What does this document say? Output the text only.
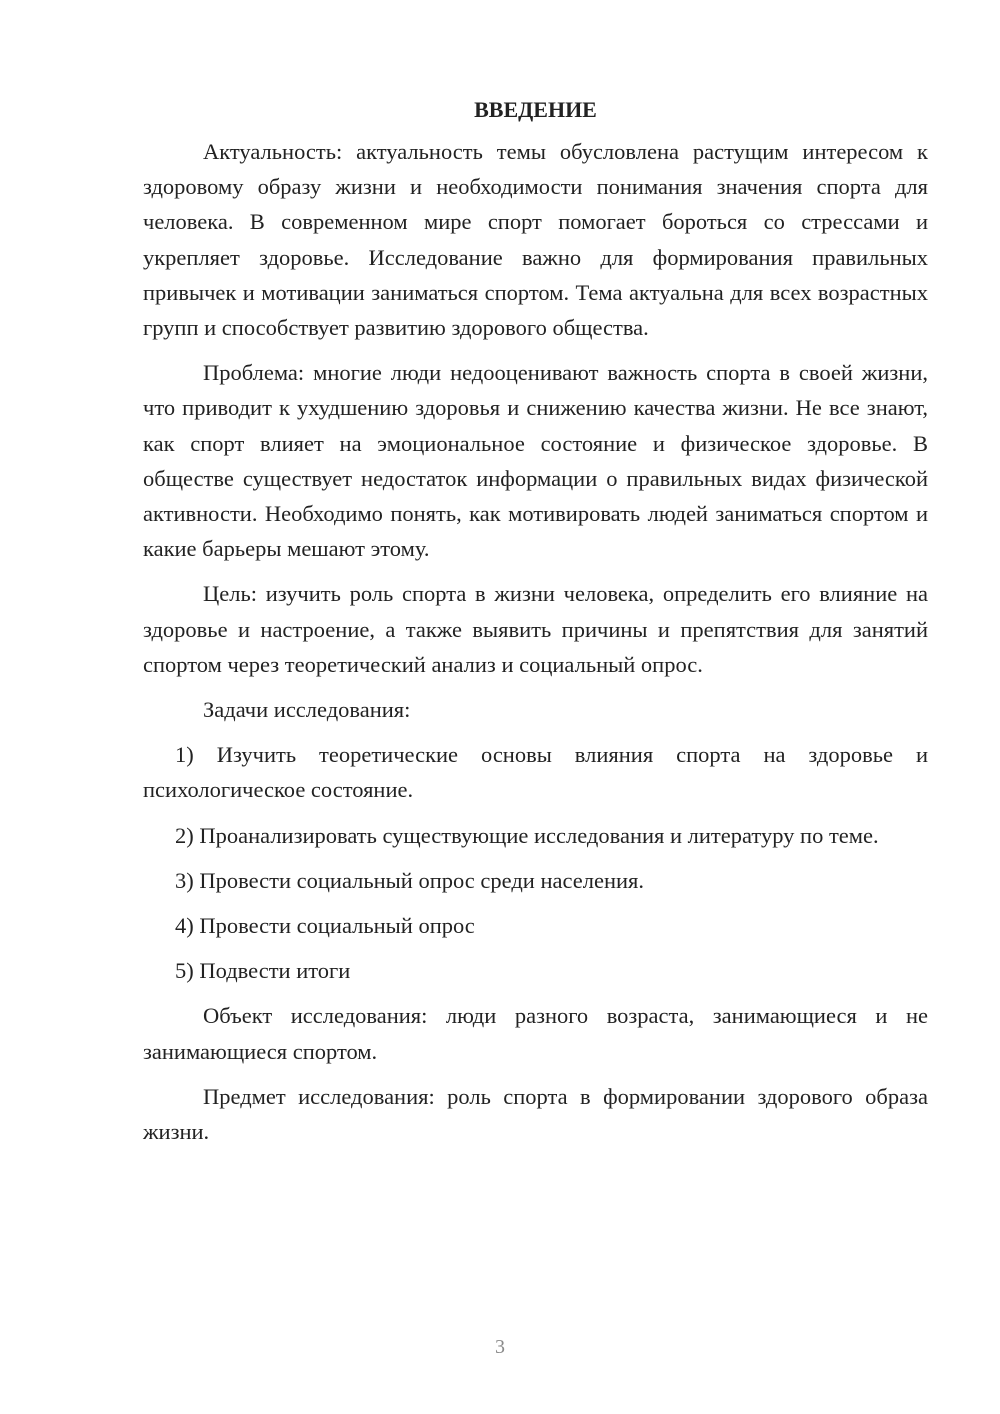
ВВЕДЕНИЕ

Актуальность: актуальность темы обусловлена растущим интересом к здоровому образу жизни и необходимости понимания значения спорта для человека. В современном мире спорт помогает бороться со стрессами и укрепляет здоровье. Исследование важно для формирования правильных привычек и мотивации заниматься спортом. Тема актуальна для всех возрастных групп и способствует развитию здорового общества.

Проблема: многие люди недооценивают важность спорта в своей жизни, что приводит к ухудшению здоровья и снижению качества жизни. Не все знают, как спорт влияет на эмоциональное состояние и физическое здоровье. В обществе существует недостаток информации о правильных видах физической активности. Необходимо понять, как мотивировать людей заниматься спортом и какие барьеры мешают этому.

Цель: изучить роль спорта в жизни человека, определить его влияние на здоровье и настроение, а также выявить причины и препятствия для занятий спортом через теоретический анализ и социальный опрос.

Задачи исследования:

1) Изучить теоретические основы влияния спорта на здоровье и психологическое состояние.

2) Проанализировать существующие исследования и литературу по теме.

3) Провести социальный опрос среди населения.

4) Провести социальный опрос

5) Подвести итоги

Объект исследования: люди разного возраста, занимающиеся и не занимающиеся спортом.

Предмет исследования: роль спорта в формировании здорового образа жизни.

3
